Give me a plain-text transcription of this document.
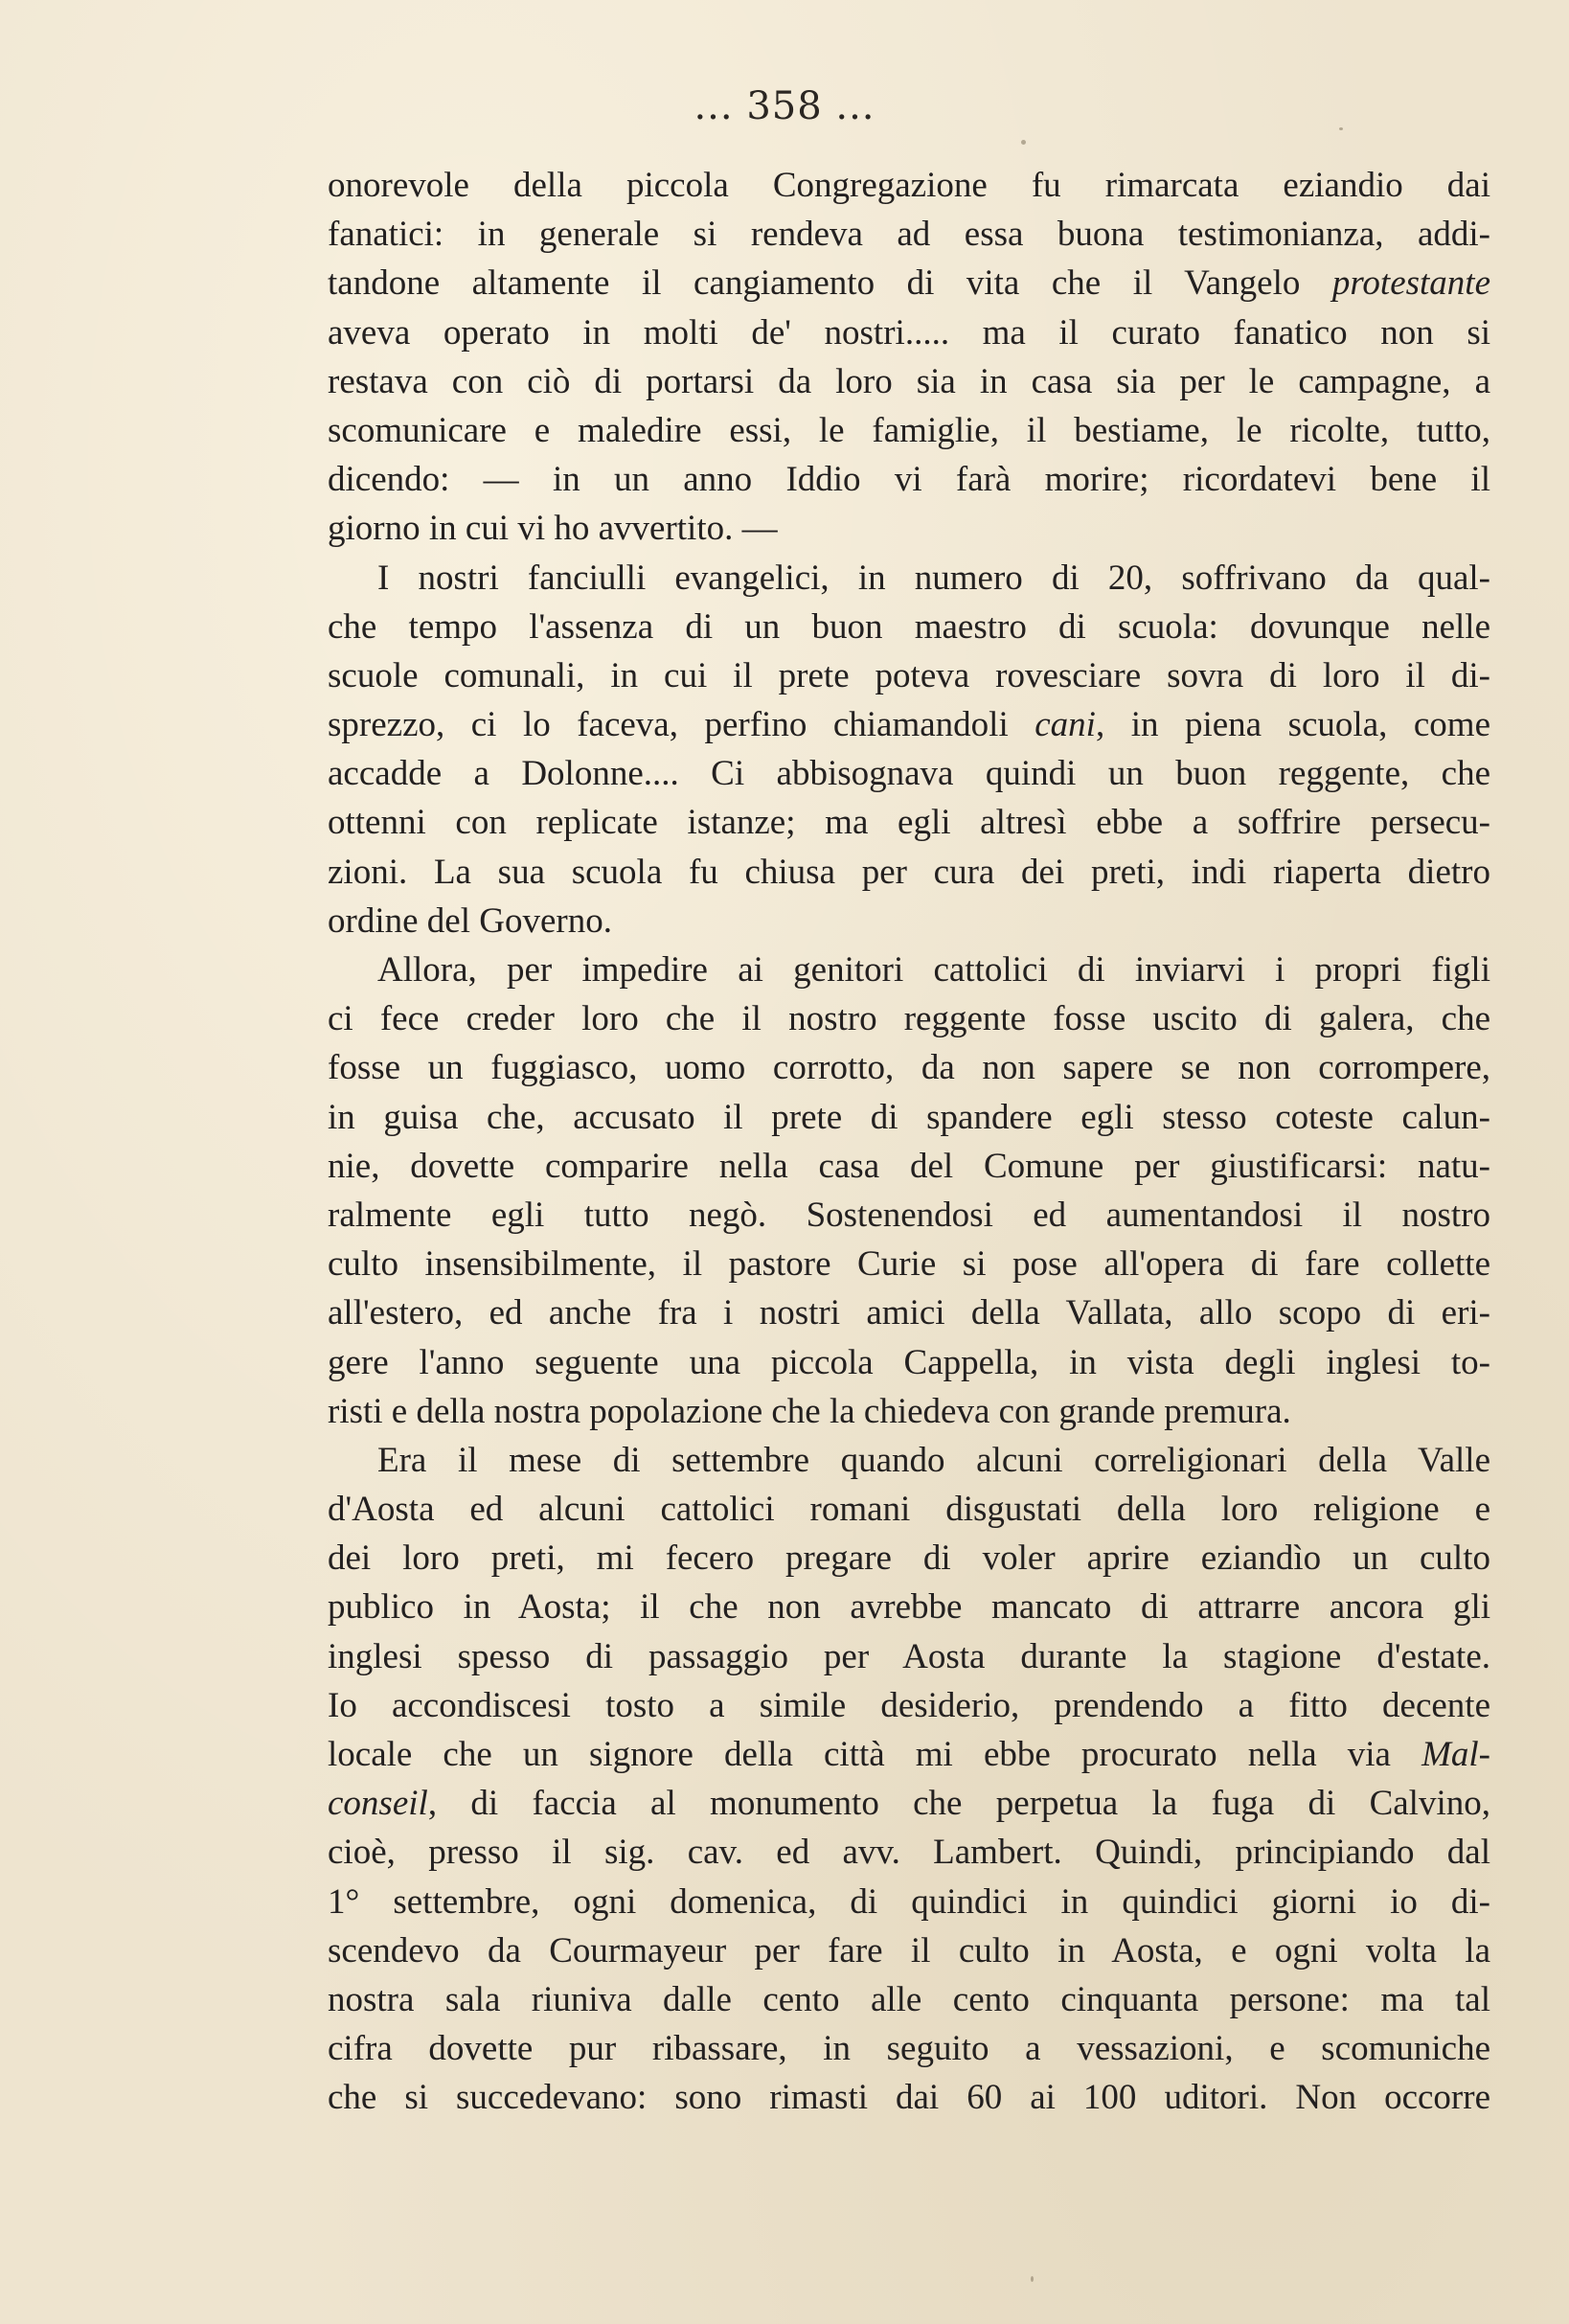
... 358 ...
onorevole della piccola Congregazione fu rimarcata eziandio dai
fanatici: in generale si rendeva ad essa buona testimonianza, addi-
tandone altamente il cangiamento di vita che il Vangelo protestante
aveva operato in molti de' nostri..... ma il curato fanatico non si
restava con ciò di portarsi da loro sia in casa sia per le campagne, a
scomunicare e maledire essi, le famiglie, il bestiame, le ricolte, tutto,
dicendo: — in un anno Iddio vi farà morire; ricordatevi bene il
giorno in cui vi ho avvertito. —
I nostri fanciulli evangelici, in numero di 20, soffrivano da qual-
che tempo l'assenza di un buon maestro di scuola: dovunque nelle
scuole comunali, in cui il prete poteva rovesciare sovra di loro il di-
sprezzo, ci lo faceva, perfino chiamandoli cani, in piena scuola, come
accadde a Dolonne.... Ci abbisognava quindi un buon reggente, che
ottenni con replicate istanze; ma egli altresì ebbe a soffrire persecu-
zioni. La sua scuola fu chiusa per cura dei preti, indi riaperta dietro
ordine del Governo.
Allora, per impedire ai genitori cattolici di inviarvi i propri figli
ci fece creder loro che il nostro reggente fosse uscito di galera, che
fosse un fuggiasco, uomo corrotto, da non sapere se non corrompere,
in guisa che, accusato il prete di spandere egli stesso coteste calun-
nie, dovette comparire nella casa del Comune per giustificarsi: natu-
ralmente egli tutto negò. Sostenendosi ed aumentandosi il nostro
culto insensibilmente, il pastore Curie si pose all'opera di fare collette
all'estero, ed anche fra i nostri amici della Vallata, allo scopo di eri-
gere l'anno seguente una piccola Cappella, in vista degli inglesi to-
risti e della nostra popolazione che la chiedeva con grande premura.
Era il mese di settembre quando alcuni correligionari della Valle
d'Aosta ed alcuni cattolici romani disgustati della loro religione e
dei loro preti, mi fecero pregare di voler aprire eziandìo un culto
publico in Aosta; il che non avrebbe mancato di attrarre ancora gli
inglesi spesso di passaggio per Aosta durante la stagione d'estate.
Io accondiscesi tosto a simile desiderio, prendendo a fitto decente
locale che un signore della città mi ebbe procurato nella via Mal-
conseil, di faccia al monumento che perpetua la fuga di Calvino,
cioè, presso il sig. cav. ed avv. Lambert. Quindi, principiando dal
1° settembre, ogni domenica, di quindici in quindici giorni io di-
scendevo da Courmayeur per fare il culto in Aosta, e ogni volta la
nostra sala riuniva dalle cento alle cento cinquanta persone: ma tal
cifra dovette pur ribassare, in seguito a vessazioni, e scomuniche
che si succedevano: sono rimasti dai 60 ai 100 uditori. Non occorre
